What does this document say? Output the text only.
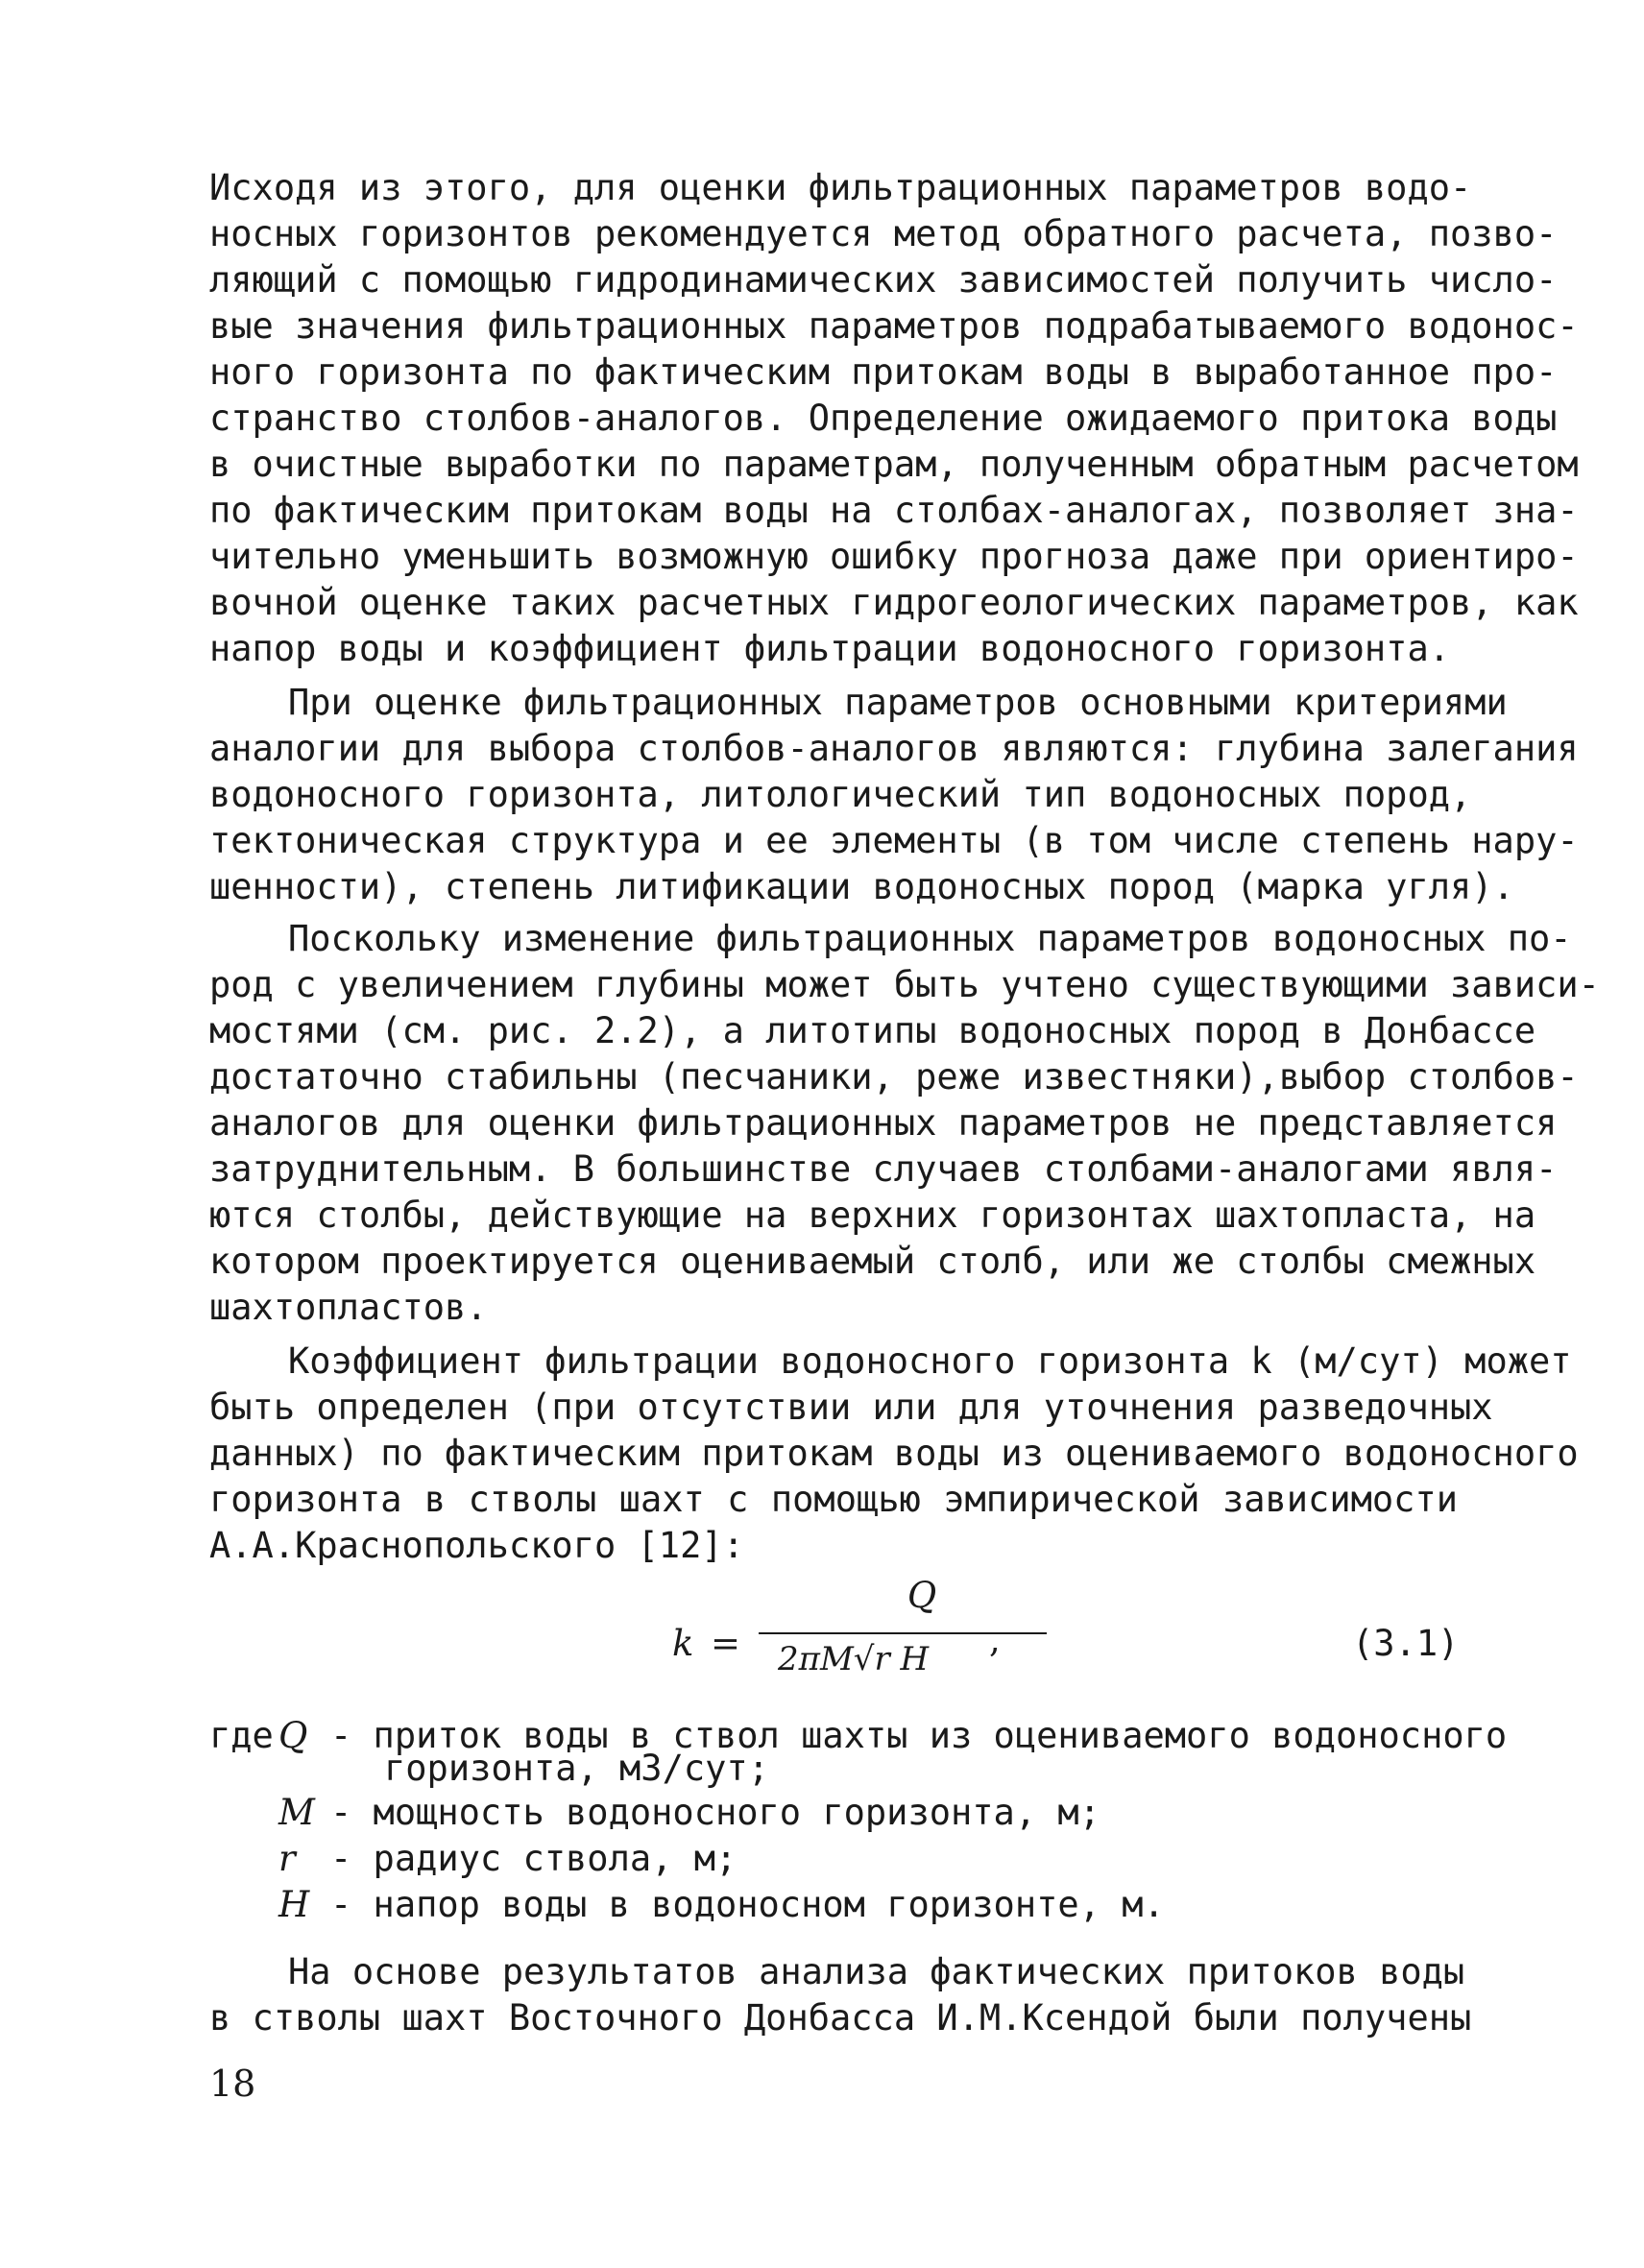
Исходя из этого, для оценки фильтрационных параметров водо-
носных горизонтов рекомендуется метод обратного расчета, позво-
ляющий с помощью гидродинамических зависимостей получить число-
вые значения фильтрационных параметров подрабатываемого водонос-
ного горизонта по фактическим притокам воды в выработанное про-
странство столбов-аналогов. Определение ожидаемого притока воды
в очистные выработки по параметрам, полученным обратным расчетом
по фактическим притокам воды на столбах-аналогах, позволяет зна-
чительно уменьшить возможную ошибку прогноза даже при ориентиро-
вочной оценке таких расчетных гидрогеологических параметров, как
напор воды и коэффициент фильтрации водоносного горизонта.
При оценке фильтрационных параметров основными критериями
аналогии для выбора столбов-аналогов являются: глубина залегания
водоносного горизонта, литологический тип водоносных пород,
тектоническая структура и ее элементы (в том числе степень нару-
шенности), степень литификации водоносных пород (марка угля).
Поскольку изменение фильтрационных параметров водоносных по-
род с увеличением глубины может быть учтено существующими зависи-
мостями (см. рис. 2.2), а литотипы водоносных пород в Донбассе
достаточно стабильны (песчаники, реже известняки),выбор столбов-
аналогов для оценки фильтрационных параметров не представляется
затруднительным. В большинстве случаев столбами-аналогами явля-
ются столбы, действующие на верхних горизонтах шахтопласта, на
котором проектируется оцениваемый столб, или же столбы смежных
шахтопластов.
Коэффициент фильтрации водоносного горизонта k (м/сут) может
быть определен (при отсутствии или для уточнения разведочных
данных) по фактическим притокам воды из оцениваемого водоносного
горизонта в стволы шахт с помощью эмпирической зависимости
А.А.Краснопольского [12]:
k =
Q
2πM√r H	,	(3.1)
где Q - приток воды в ствол шахты из оцениваемого водоносного
горизонта, м3/сут;
M - мощность водоносного горизонта, м;
r - радиус ствола, м;
H - напор воды в водоносном горизонте, м.
На основе результатов анализа фактических притоков воды
в стволы шахт Восточного Донбасса И.М.Ксендой были получены
18
